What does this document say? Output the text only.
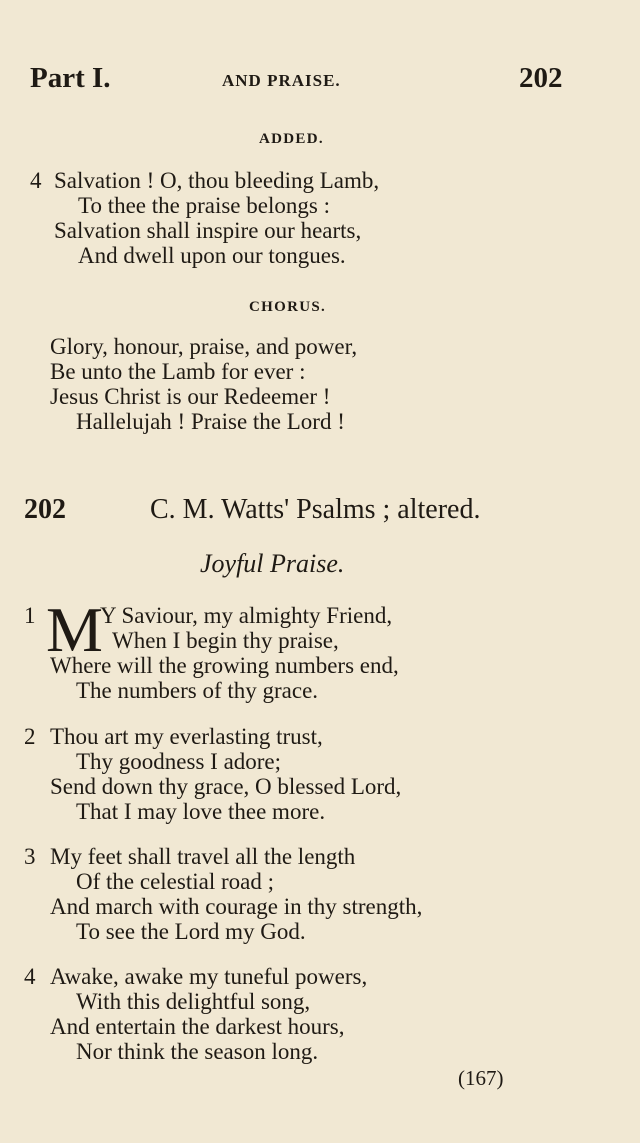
Part I.	AND PRAISE.	202
ADDED.
4 Salvation ! O, thou bleeding Lamb,
To thee the praise belongs :
Salvation shall inspire our hearts,
And dwell upon our tongues.
CHORUS.
Glory, honour, praise, and power,
Be unto the Lamb for ever :
Jesus Christ is our Redeemer !
Hallelujah ! Praise the Lord !
202	C. M. Watts' Psalms ; altered.
Joyful Praise.
1 M
Y Saviour, my almighty Friend,
When I begin thy praise,
Where will the growing numbers end,
The numbers of thy grace.
2 Thou art my everlasting trust,
Thy goodness I adore;
Send down thy grace, O blessed Lord,
That I may love thee more.
3 My feet shall travel all the length
Of the celestial road ;
And march with courage in thy strength,
To see the Lord my God.
4 Awake, awake my tuneful powers,
With this delightful song,
And entertain the darkest hours,
Nor think the season long.
(167)
